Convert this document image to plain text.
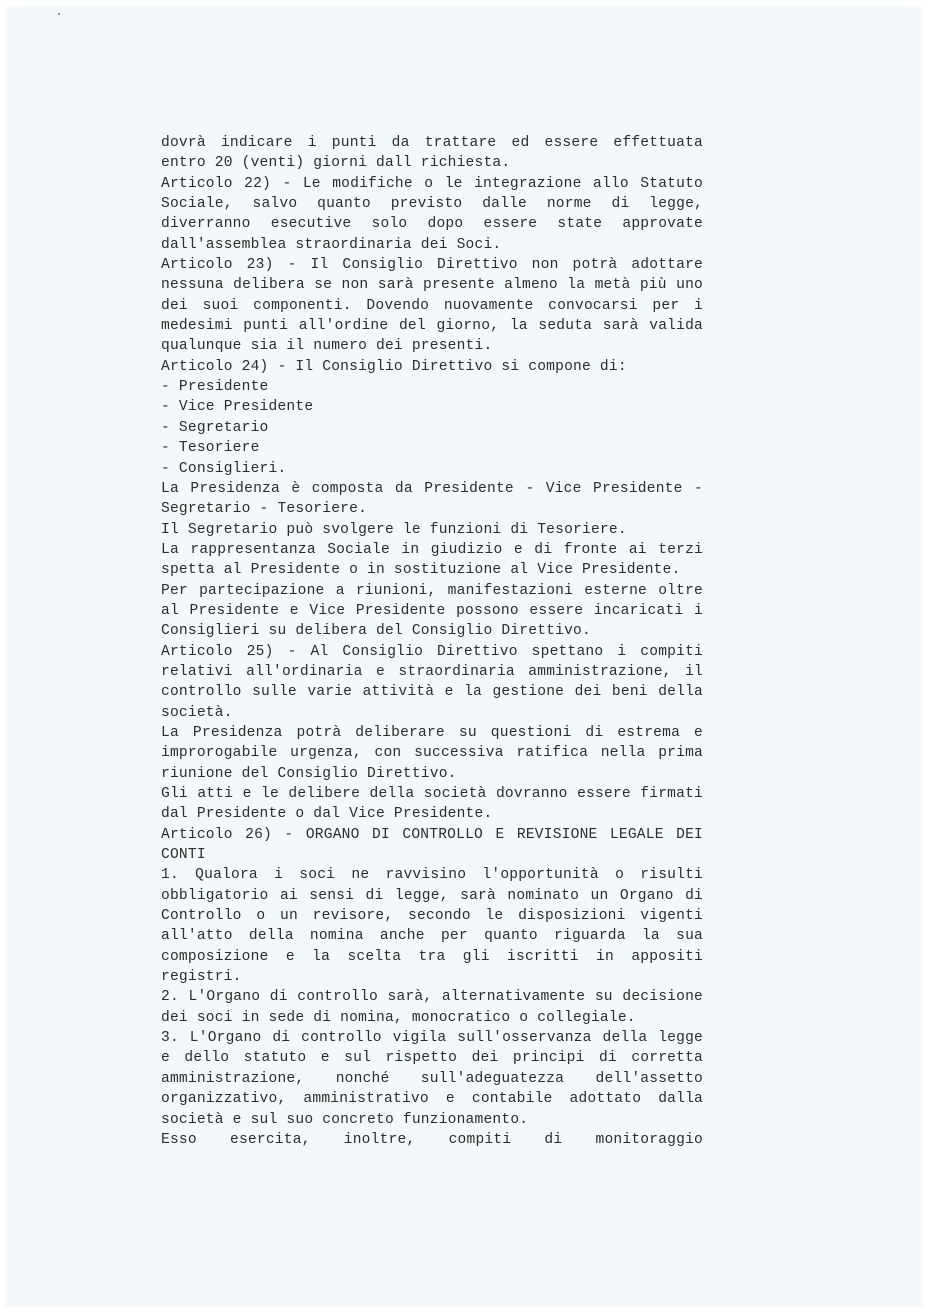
dovrà indicare i punti da trattare ed essere effettuata
entro 20 (venti) giorni dall richiesta.
Articolo 22) - Le modifiche o le integrazione allo Statuto
Sociale, salvo quanto previsto dalle norme di legge,
diverranno esecutive solo dopo essere state approvate
dall'assemblea straordinaria dei Soci.
Articolo 23) - Il Consiglio Direttivo non potrà adottare
nessuna delibera se non sarà presente almeno la metà più uno
dei suoi componenti. Dovendo nuovamente convocarsi per i
medesimi punti all'ordine del giorno, la seduta sarà valida
qualunque sia il numero dei presenti.
Articolo 24) - Il Consiglio Direttivo si compone di:
- Presidente
- Vice Presidente
- Segretario
- Tesoriere
- Consiglieri.
La Presidenza è composta da Presidente - Vice Presidente -
Segretario - Tesoriere.
Il Segretario può svolgere le funzioni di Tesoriere.
La rappresentanza Sociale in giudizio e di fronte ai terzi
spetta al Presidente o in sostituzione al Vice Presidente.
Per partecipazione a riunioni, manifestazioni esterne oltre
al Presidente e Vice Presidente possono essere incaricati i
Consiglieri su delibera del Consiglio Direttivo.
Articolo 25) - Al Consiglio Direttivo spettano i compiti
relativi all'ordinaria e straordinaria amministrazione, il
controllo sulle varie attività e la gestione dei beni della
società.
La Presidenza potrà deliberare su questioni di estrema e
improrogabile urgenza, con successiva ratifica nella prima
riunione del Consiglio Direttivo.
Gli atti e le delibere della società dovranno essere firmati
dal Presidente o dal Vice Presidente.
Articolo 26) - ORGANO DI CONTROLLO E REVISIONE LEGALE DEI
CONTI
1. Qualora i soci ne ravvisino l'opportunità o risulti
obbligatorio ai sensi di legge, sarà nominato un Organo di
Controllo o un revisore, secondo le disposizioni vigenti
all'atto della nomina anche per quanto riguarda la sua
composizione e la scelta tra gli iscritti in appositi
registri.
2. L'Organo di controllo sarà, alternativamente su decisione
dei soci in sede di nomina, monocratico o collegiale.
3. L'Organo di controllo vigila sull'osservanza della legge
e dello statuto e sul rispetto dei principi di corretta
amministrazione, nonché sull'adeguatezza dell'assetto
organizzativo, amministrativo e contabile adottato dalla
società e sul suo concreto funzionamento.
Esso esercita, inoltre, compiti di monitoraggio
